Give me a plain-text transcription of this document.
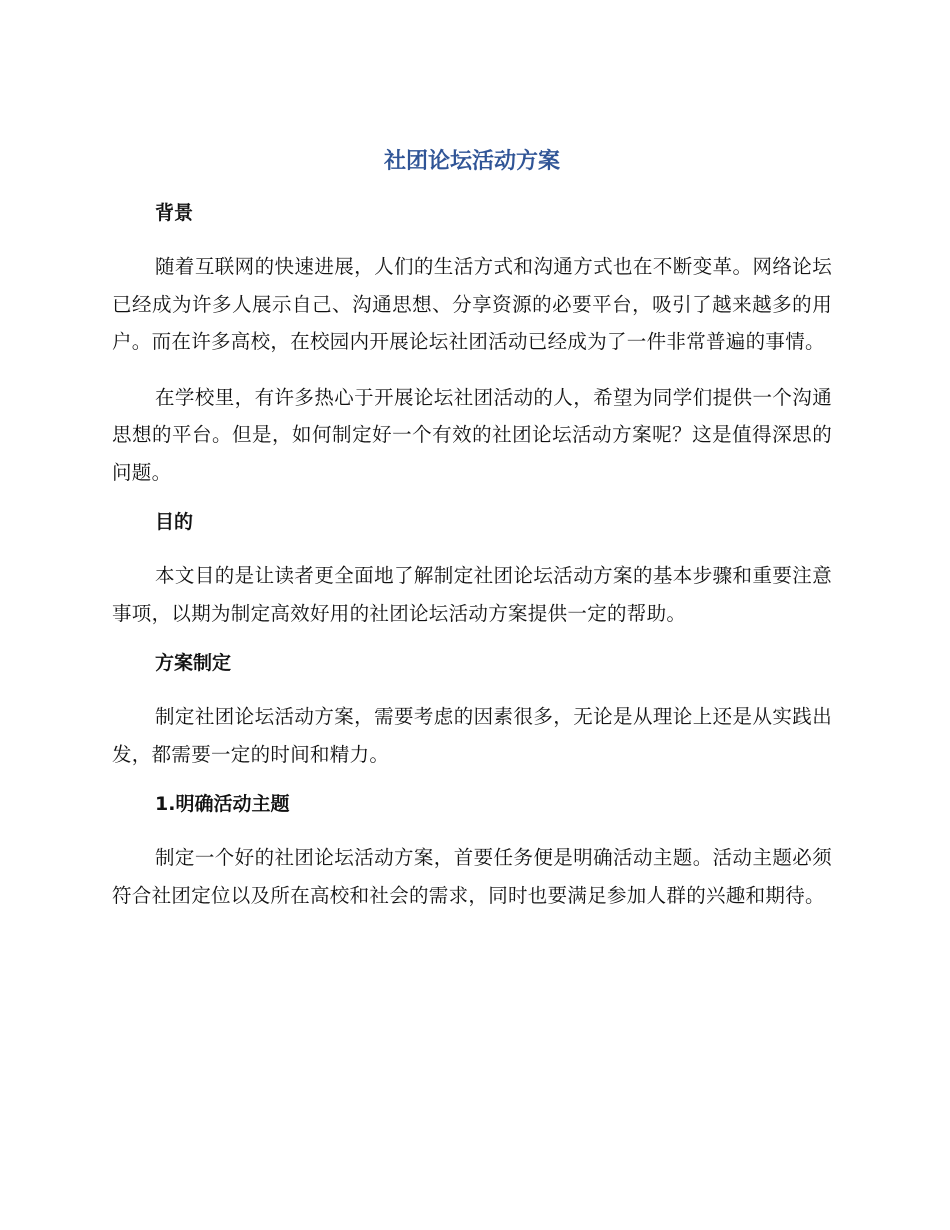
社团论坛活动方案
背景

随着互联网的快速进展，人们的生活方式和沟通方式也在不断变革。网络论坛已经成为许多人展示自己、沟通思想、分享资源的必要平台，吸引了越来越多的用户。而在许多高校，在校园内开展论坛社团活动已经成为了一件非常普遍的事情。

在学校里，有许多热心于开展论坛社团活动的人，希望为同学们提供一个沟通思想的平台。但是，如何制定好一个有效的社团论坛活动方案呢？这是值得深思的问题。

目的

本文目的是让读者更全面地了解制定社团论坛活动方案的基本步骤和重要注意事项，以期为制定高效好用的社团论坛活动方案提供一定的帮助。

方案制定

制定社团论坛活动方案，需要考虑的因素很多，无论是从理论上还是从实践出发，都需要一定的时间和精力。

1.明确活动主题

制定一个好的社团论坛活动方案，首要任务便是明确活动主题。活动主题必须符合社团定位以及所在高校和社会的需求，同时也要满足参加人群的兴趣和期待。
